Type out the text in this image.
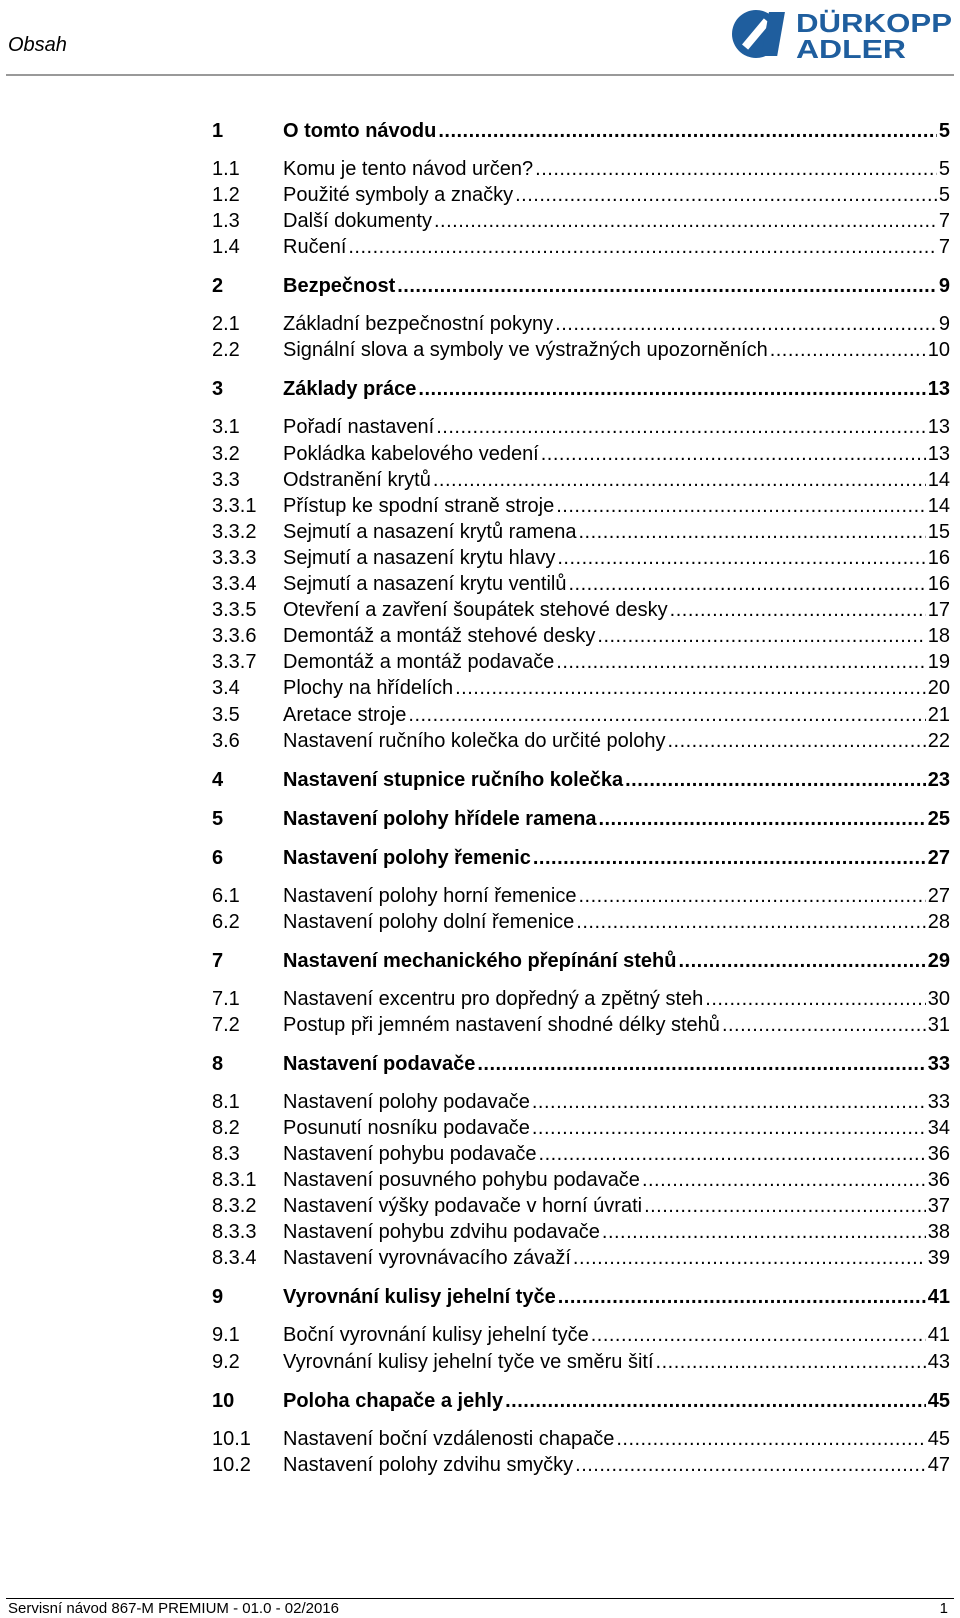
Obsah
DÜRKOPP
ADLER
1	O tomto návodu .....	5
1.1	Komu je tento návod určen? .....	5
1.2	Použité symboly a značky .....	5
1.3	Další dokumenty .....	7
1.4	Ručení .....	7
2	Bezpečnost .....	9
2.1	Základní bezpečnostní pokyny .....	9
2.2	Signální slova a symboly ve výstražných upozorněních .....	10
3	Základy práce .....	13
3.1	Pořadí nastavení .....	13
3.2	Pokládka kabelového vedení .....	13
3.3	Odstranění krytů .....	14
3.3.1	Přístup ke spodní straně stroje .....	14
3.3.2	Sejmutí a nasazení krytů ramena .....	15
3.3.3	Sejmutí a nasazení krytu hlavy .....	16
3.3.4	Sejmutí a nasazení krytu ventilů .....	16
3.3.5	Otevření a zavření šoupátek stehové desky .....	17
3.3.6	Demontáž a montáž stehové desky .....	18
3.3.7	Demontáž a montáž podavače .....	19
3.4	Plochy na hřídelích .....	20
3.5	Aretace stroje .....	21
3.6	Nastavení ručního kolečka do určité polohy .....	22
4	Nastavení stupnice ručního kolečka .....	23
5	Nastavení polohy hřídele ramena .....	25
6	Nastavení polohy řemenic .....	27
6.1	Nastavení polohy horní řemenice .....	27
6.2	Nastavení polohy dolní řemenice .....	28
7	Nastavení mechanického přepínání stehů .....	29
7.1	Nastavení excentru pro dopředný a zpětný steh .....	30
7.2	Postup při jemném nastavení shodné délky stehů .....	31
8	Nastavení podavače .....	33
8.1	Nastavení polohy podavače .....	33
8.2	Posunutí nosníku podavače .....	34
8.3	Nastavení pohybu podavače .....	36
8.3.1	Nastavení posuvného pohybu podavače .....	36
8.3.2	Nastavení výšky podavače v horní úvrati .....	37
8.3.3	Nastavení pohybu zdvihu podavače .....	38
8.3.4	Nastavení vyrovnávacího závaží .....	39
9	Vyrovnání kulisy jehelní tyče .....	41
9.1	Boční vyrovnání kulisy jehelní tyče .....	41
9.2	Vyrovnání kulisy jehelní tyče ve směru šití .....	43
10	Poloha chapače a jehly .....	45
10.1	Nastavení boční vzdálenosti chapače .....	45
10.2	Nastavení polohy zdvihu smyčky .....	47
Servisní návod 867-M PREMIUM - 01.0 - 02/2016	1
